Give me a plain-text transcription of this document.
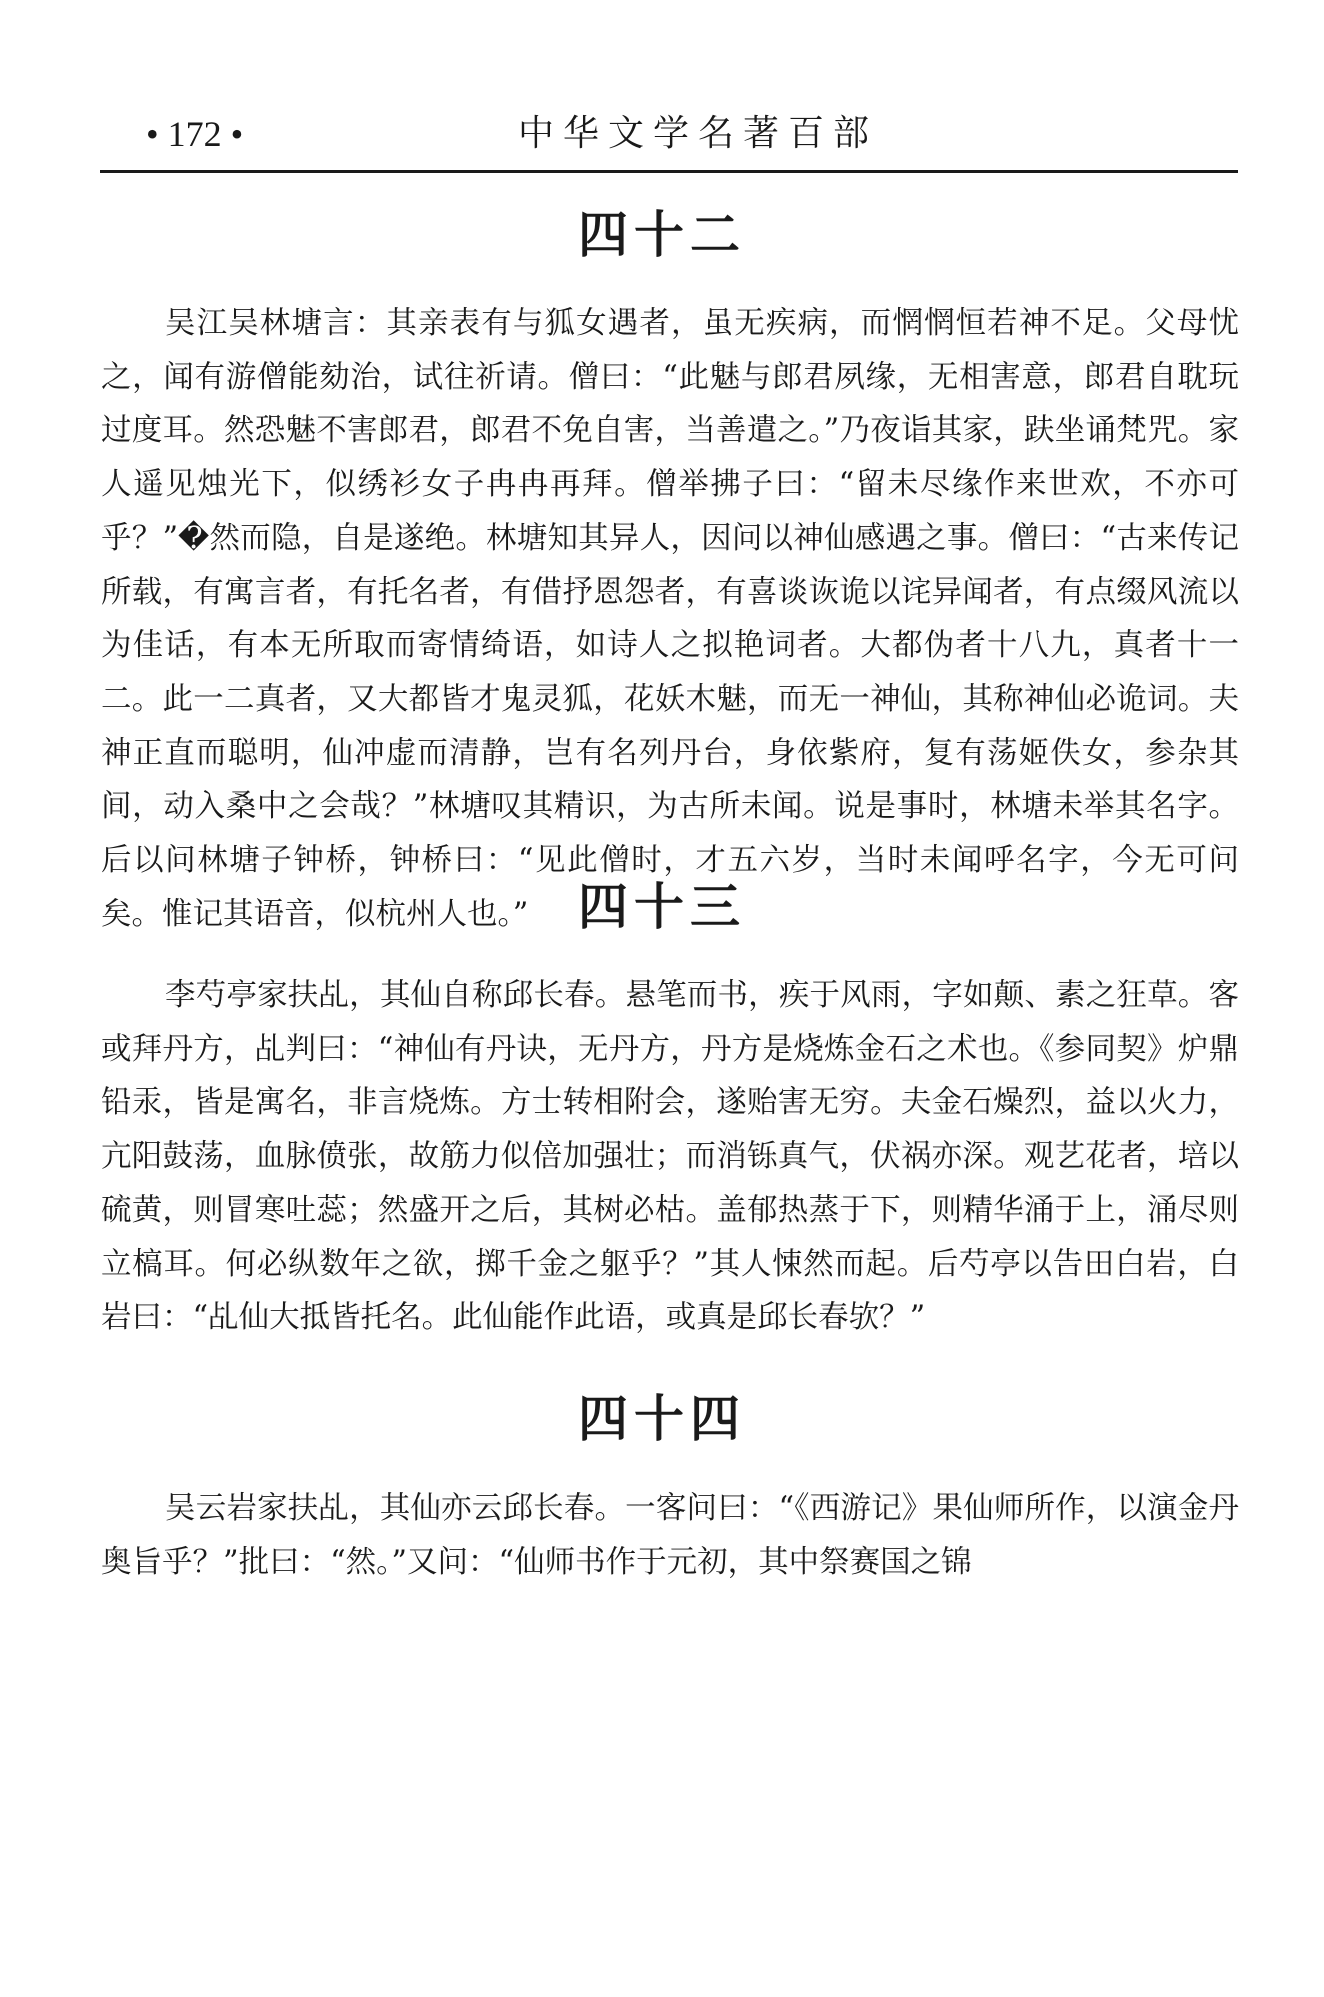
• 172 •	中华文学名著百部
四十二
吴江吴林塘言：其亲表有与狐女遇者，虽无疾病，而惘惘恒若神不足。父母忧之，闻有游僧能劾治，试往祈请。僧曰：“此魅与郎君夙缘，无相害意，郎君自耽玩过度耳。然恐魅不害郎君，郎君不免自害，当善遣之。”乃夜诣其家，趺坐诵梵咒。家人遥见烛光下，似绣衫女子冉冉再拜。僧举拂子曰：“留未尽缘作来世欢，不亦可乎？”�然而隐，自是遂绝。林塘知其异人，因问以神仙感遇之事。僧曰：“古来传记所载，有寓言者，有托名者，有借抒恩怨者，有喜谈诙诡以诧异闻者，有点缀风流以为佳话，有本无所取而寄情绮语，如诗人之拟艳词者。大都伪者十八九，真者十一二。此一二真者，又大都皆才鬼灵狐，花妖木魅，而无一神仙，其称神仙必诡词。夫神正直而聪明，仙冲虚而清静，岂有名列丹台，身依紫府，复有荡姬佚女，参杂其间，动入桑中之会哉？”林塘叹其精识，为古所未闻。说是事时，林塘未举其名字。后以问林塘子钟桥，钟桥曰：“见此僧时，才五六岁，当时未闻呼名字，今无可问矣。惟记其语音，似杭州人也。” 四十三
李芍亭家扶乩，其仙自称邱长春。悬笔而书，疾于风雨，字如颠、素之狂草。客或拜丹方，乩判曰：“神仙有丹诀，无丹方，丹方是烧炼金石之术也。《参同契》炉鼎铅汞，皆是寓名，非言烧炼。方士转相附会，遂贻害无穷。夫金石燥烈，益以火力，亢阳鼓荡，血脉偾张，故筋力似倍加强壮；而消铄真气，伏祸亦深。观艺花者，培以硫黄，则冒寒吐蕊；然盛开之后，其树必枯。盖郁热蒸于下，则精华涌于上，涌尽则立槁耳。何必纵数年之欲，掷千金之躯乎？”其人悚然而起。后芍亭以告田白岩，白岩曰：“乩仙大抵皆托名。此仙能作此语，或真是邱长春欤？”
四十四
吴云岩家扶乩，其仙亦云邱长春。一客问曰：“《西游记》果仙师所作，以演金丹奥旨乎？”批曰：“然。”又问：“仙师书作于元初，其中祭赛国之锦
